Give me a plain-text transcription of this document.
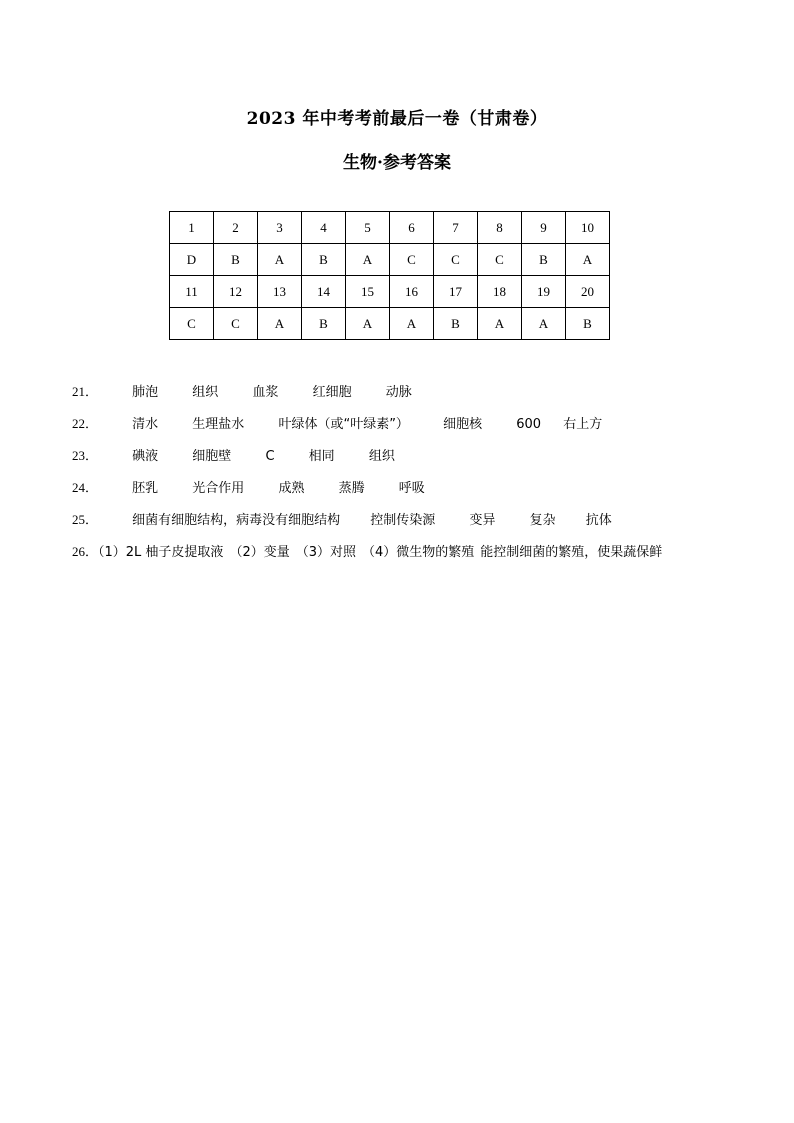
2023 年中考考前最后一卷（甘肃卷）
生物·参考答案
1	2	3	4	5	6	7	8	9	10
D	B	A	B	A	C	C	C	B	A
11	12	13	14	15	16	17	18	19	20
C	C	A	B	A	A	B	A	A	B
21．	肺泡	组织	血浆	红细胞	动脉
22．	清水	生理盐水	叶绿体（或“叶绿素”）	细胞核	600 右上方
23．	碘液	细胞壁	C	相同	组织
24．	胚乳	光合作用	成熟	蒸腾	呼吸
25．	细菌有细胞结构，病毒没有细胞结构 控制传染源	变异	复杂 抗体
26．（1）2L 柚子皮提取液 （2）变量 （3）对照 （4）微生物的繁殖 能控制细菌的繁殖，使果蔬保鲜
